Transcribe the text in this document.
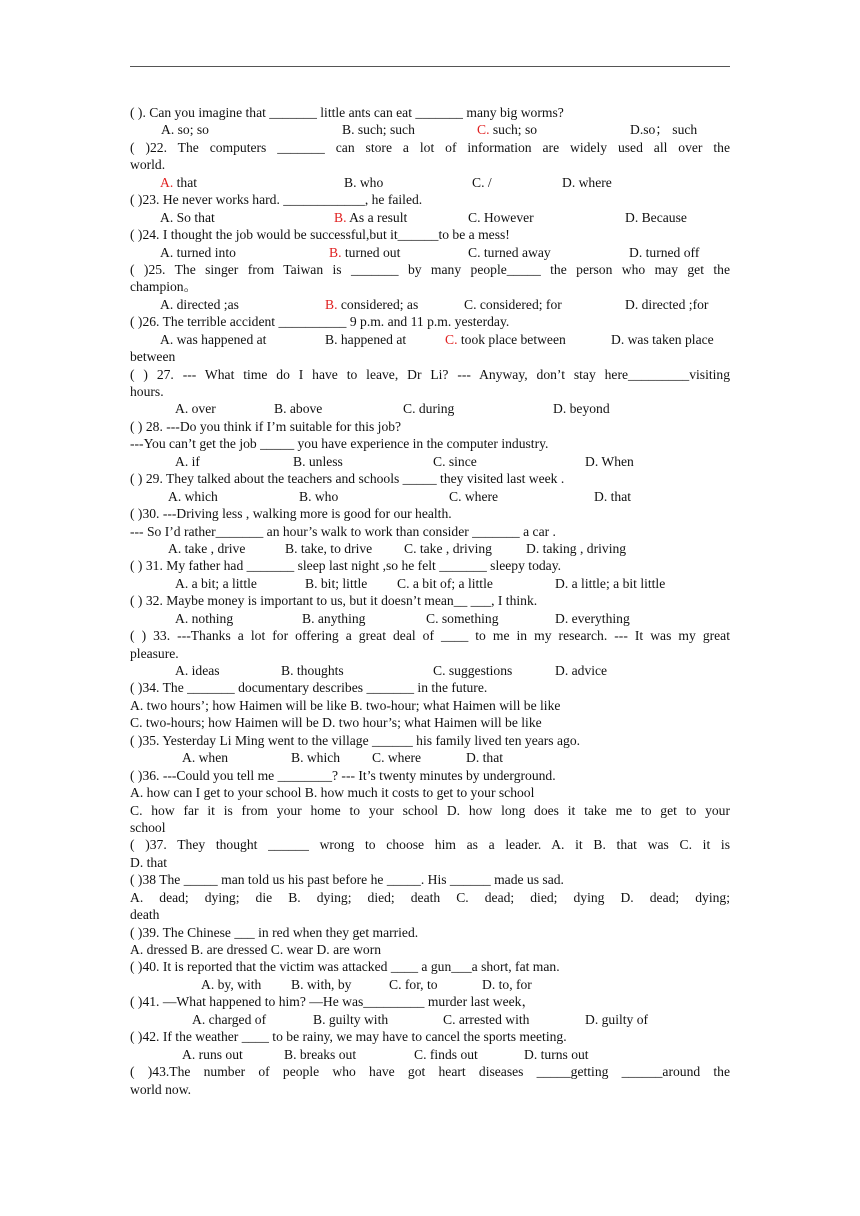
( ). Can you imagine that _______ little ants can eat _______ many big worms?
A. so; so	B. such; such	C. such; so	D.so； such
( )22. The computers _______ can store a lot of information are widely used all over the
world.
A. that	B. who	C. /	D. where
( )23. He never works hard. ____________, he failed.
A. So that	B. As a result	C. However	D. Because
( )24. I thought the job would be successful,but it______to be a mess!
A. turned into	B. turned out	C. turned away	D. turned off
( )25. The singer from Taiwan is _______ by many people_____ the person who may get the
champion。
A. directed ;as	B. considered; as	C. considered; for	D. directed ;for
( )26. The terrible accident __________ 9 p.m. and 11 p.m. yesterday.
A. was happened at	B. happened at	C. took place between	D. was taken place
between
( ) 27. --- What time do I have to leave, Dr Li? --- Anyway, don’t stay here_________visiting
hours.
A. over	B. above	C. during	D. beyond
( ) 28. ---Do you think if I’m suitable for this job?
---You can’t get the job _____ you have experience in the computer industry.
A. if	B. unless	C. since	D. When
( ) 29. They talked about the teachers and schools _____ they visited last week .
A. which	B. who	C. where	D. that
( )30. ---Driving less , walking more is good for our health.
--- So I’d rather_______ an hour’s walk to work than consider _______ a car .
A. take , drive	B. take, to drive C. take , driving	D. taking , driving
( ) 31. My father had _______ sleep last night ,so he felt _______ sleepy today.
A. a bit; a little	B. bit; little C. a bit of; a little	D. a little; a bit little
( ) 32. Maybe money is important to us, but it doesn’t mean__ ___, I think.
A. nothing	B. anything	C. something	D. everything
( ) 33. ---Thanks a lot for offering a great deal of ____ to me in my research. --- It was my great
pleasure.
A. ideas	B. thoughts	C. suggestions	D. advice
( )34. The _______ documentary describes _______ in the future.
A. two hours’; how Haimen will be like B. two-hour; what Haimen will be like
C. two-hours; how Haimen will be D. two hour’s; what Haimen will be like
( )35. Yesterday Li Ming went to the village ______ his family lived ten years ago.
A. when	B. which C. where	D. that
( )36. ---Could you tell me ________? --- It’s twenty minutes by underground.
A. how can I get to your school B. how much it costs to get to your school
C. how far it is from your home to your school D. how long does it take me to get to your
school
( )37. They thought ______ wrong to choose him as a leader. A. it B. that was C. it is
D. that
( )38 The _____ man told us his past before he _____. His ______ made us sad.
A. dead; dying; die B. dying; died; death C. dead; died; dying D. dead; dying;
death
( )39. The Chinese ___ in red when they get married.
A. dressed B. are dressed C. wear D. are worn
( )40. It is reported that the victim was attacked ____ a gun___a short, fat man.
A. by, with B. with, by	C. for, to	D. to, for
( )41. —What happened to him? —He was_________ murder last week，
A. charged of	B. guilty with	C. arrested with	D. guilty of
( )42. If the weather ____ to be rainy, we may have to cancel the sports meeting.
A. runs out	B. breaks out	C. finds out	D. turns out
( )43.The number of people who have got heart diseases _____getting ______around the
world now.
